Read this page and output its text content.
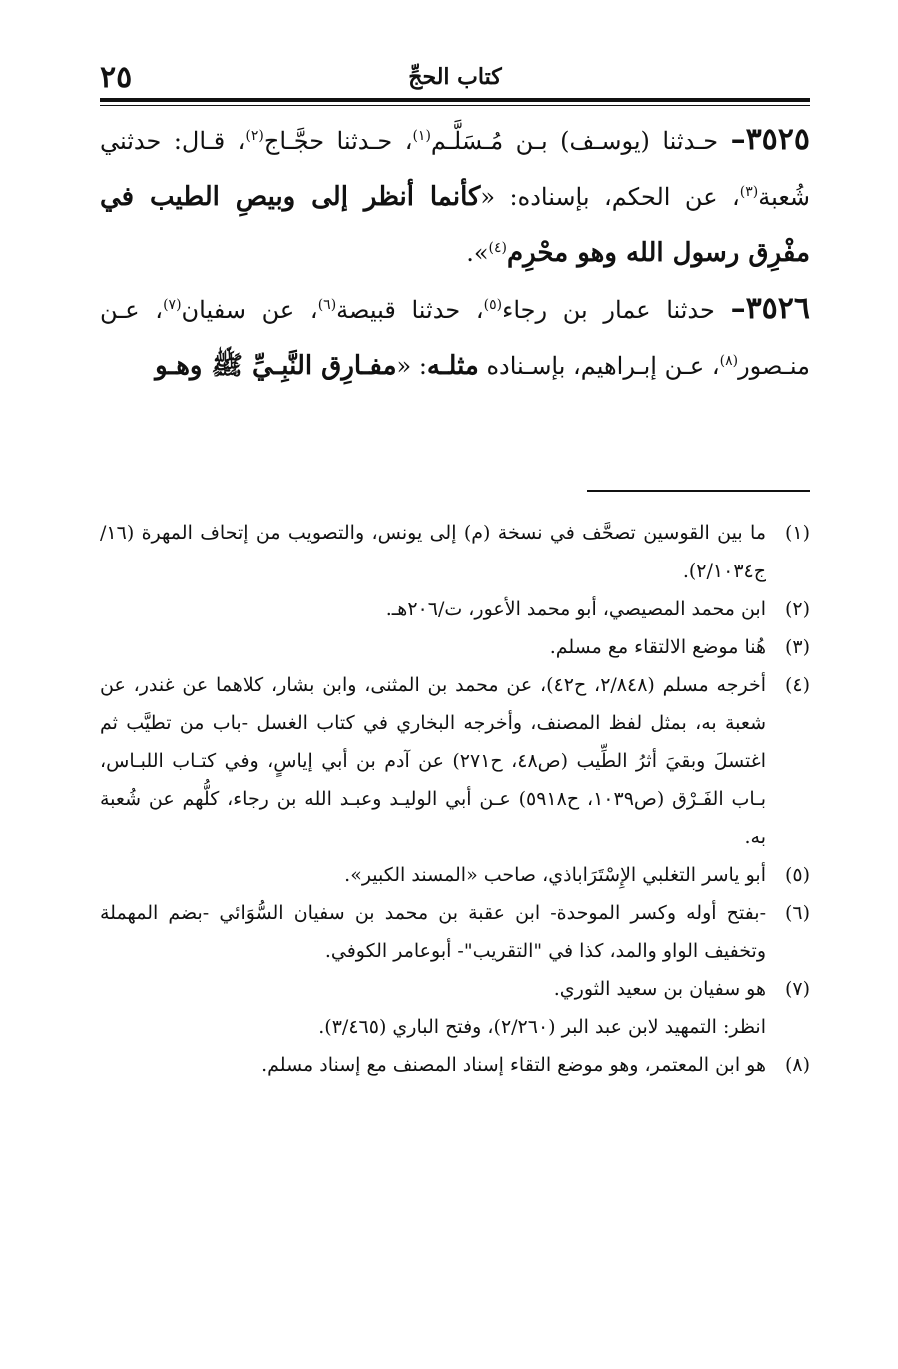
٢٥	كتاب الحجِّ

٣٥٢٥– حـدثنا (يوسـف) بـن مُـسَلَّـم$^{(١)}$، حـدثنا حجَّـاج$^{(٢)}$، قـال: حدثني شُعبة$^{(٣)}$، عن الحكم، بإسناده: «كأنما أنظر إلى وبيصِ الطيب في مفْرِق رسول الله وهو محْرِم$^{(٤)}$».

٣٥٢٦– حدثنا عمار بن رجاء$^{(٥)}$، حدثنا قبيصة$^{(٦)}$، عن سفيان$^{(٧)}$، عـن منـصور$^{(٨)}$، عـن إبـراهيم، بإسـناده مثلـه: «مفـارِق النَّبِـيِّ ﷺ وهـو

(١)
ما بين القوسين تصحَّف في نسخة (م) إلى يونس، والتصويب من إتحاف المهرة (١٦/ج٢/١٠٣٤).

(٢)
ابن محمد المصيصي، أبو محمد الأعور، ت/٢٠٦هـ.

(٣)
هُنا موضع الالتقاء مع مسلم.

(٤)
أخرجه مسلم (٢/٨٤٨، ح٤٢)، عن محمد بن المثنى، وابن بشار، كلاهما عن غندر، عن شعبة به، بمثل لفظ المصنف، وأخرجه البخاري في كتاب الغسل -باب من تطيَّب ثم اغتسلَ وبقيَ أثرُ الطِّيب (ص٤٨، ح٢٧١) عن آدم بن أبي إياسٍ، وفي كتـاب اللبـاس، بـاب الفَـرْق (ص١٠٣٩، ح٥٩١٨) عـن أبي الوليـد وعبـد الله بن رجاء، كلُّهم عن شُعبة به.

(٥)
أبو ياسر التغلبي الإِسْتَرَاباذي، صاحب «المسند الكبير».

(٦)
-بفتح أوله وكسر الموحدة- ابن عقبة بن محمد بن سفيان السُّوَائي -بضم المهملة وتخفيف الواو والمد، كذا في "التقريب"- أبوعامر الكوفي.

(٧)
هو سفيان بن سعيد الثوري.

انظر: التمهيد لابن عبد البر (٢/٢٦٠)، وفتح الباري (٣/٤٦٥).

(٨)
هو ابن المعتمر، وهو موضع التقاء إسناد المصنف مع إسناد مسلم.
